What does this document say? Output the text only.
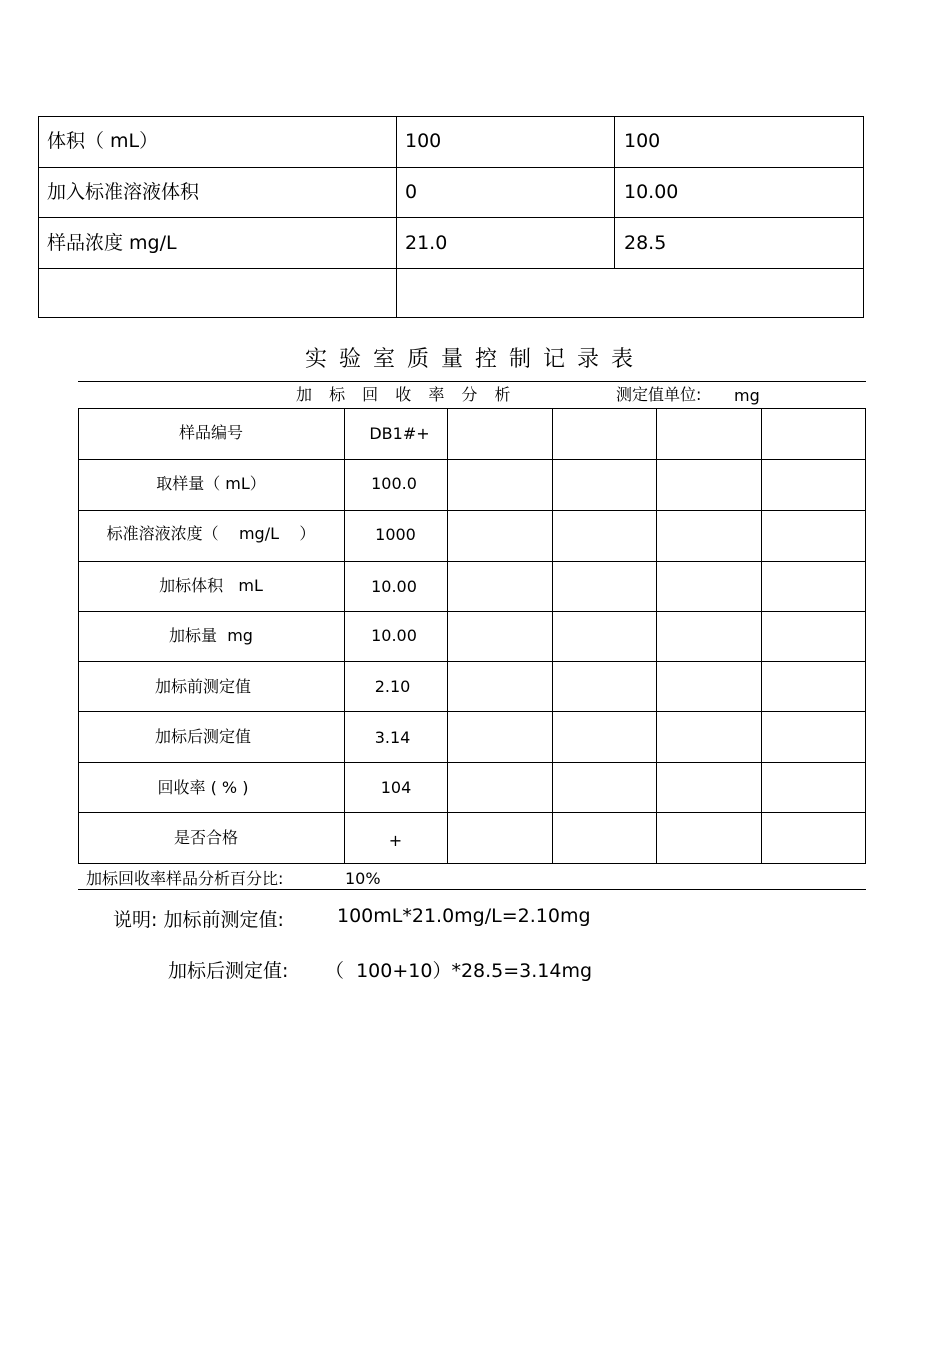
体积（ mL）	100	100
加入标准溶液体积	0	10.00
样品浓度 mg/L	21.0	28.5
实验室质量控制记录表
加 标 回 收 率 分 析	测定值单位: mg
样品编号	DB1#+
取样量（ mL）	100.0
标准溶液浓度（    mg/L    ）	1000
加标体积   mL	10.00
加标量  mg	10.00
加标前测定值	2.10
加标后测定值	3.14
回收率 ( % )	104
是否合格	+
加标回收率样品分析百分比:	10%
说明: 加标前测定值:	100mL*21.0mg/L=2.10mg
加标后测定值: （  100+10）*28.5=3.14mg
